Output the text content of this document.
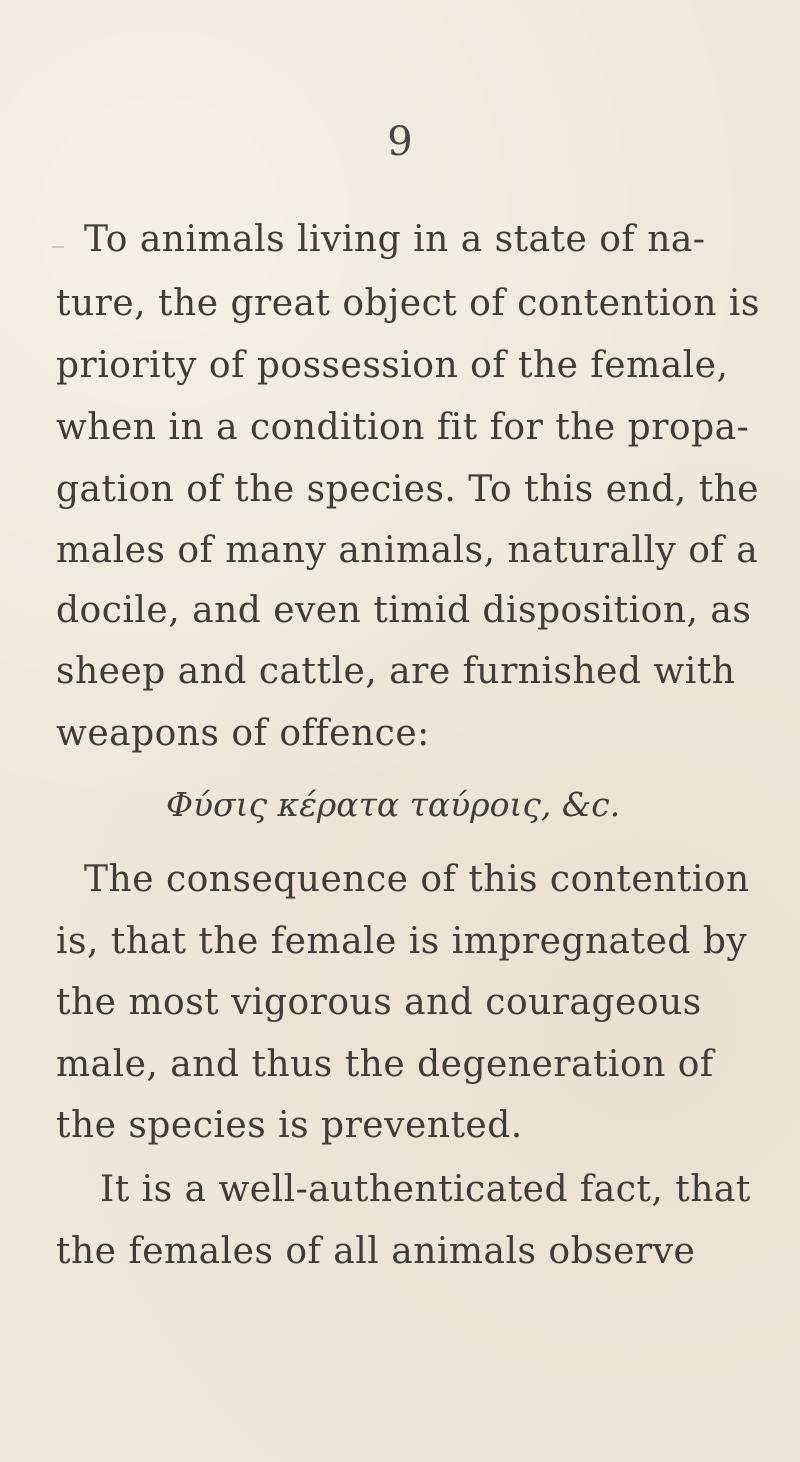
9
To animals living in a state of na-
ture, the great object of contention is
priority of possession of the female,
when in a condition fit for the propa-
gation of the species. To this end, the
males of many animals, naturally of a
docile, and even timid disposition, as
sheep and cattle, are furnished with
weapons of offence:
Φύσις κέρατα ταύροις, &c.
The consequence of this contention
is, that the female is impregnated by
the most vigorous and courageous
male, and thus the degeneration of
the species is prevented.
It is a well-authenticated fact, that
the females of all animals observe
